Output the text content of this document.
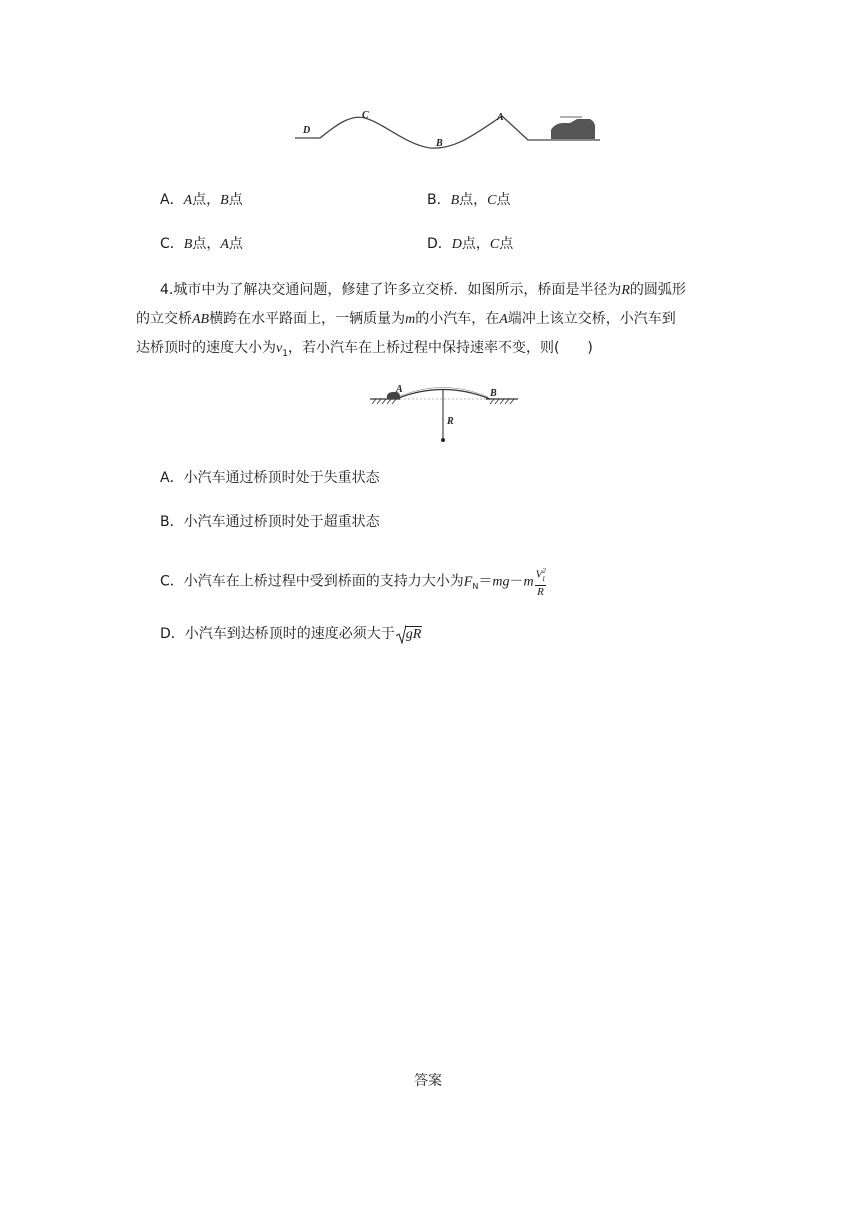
D
C
B
A
A．A点，B点	B．B点，C点
C．B点，A点	D．D点，C点
4.城市中为了解决交通问题，修建了许多立交桥．如图所示，桥面是半径为R的圆弧形
的立交桥AB横跨在水平路面上，一辆质量为m的小汽车，在A端冲上该立交桥，小汽车到
达桥顶时的速度大小为$v_1$，若小汽车在上桥过程中保持速率不变，则(　　)
A	B
R
A．小汽车通过桥顶时处于失重状态
B．小汽车通过桥顶时处于超重状态
C．小汽车在上桥过程中受到桥面的支持力大小为$F_N=mg-m \frac{V^2_1}{R}$
D．小汽车到达桥顶时的速度必须大于 gR
答案
